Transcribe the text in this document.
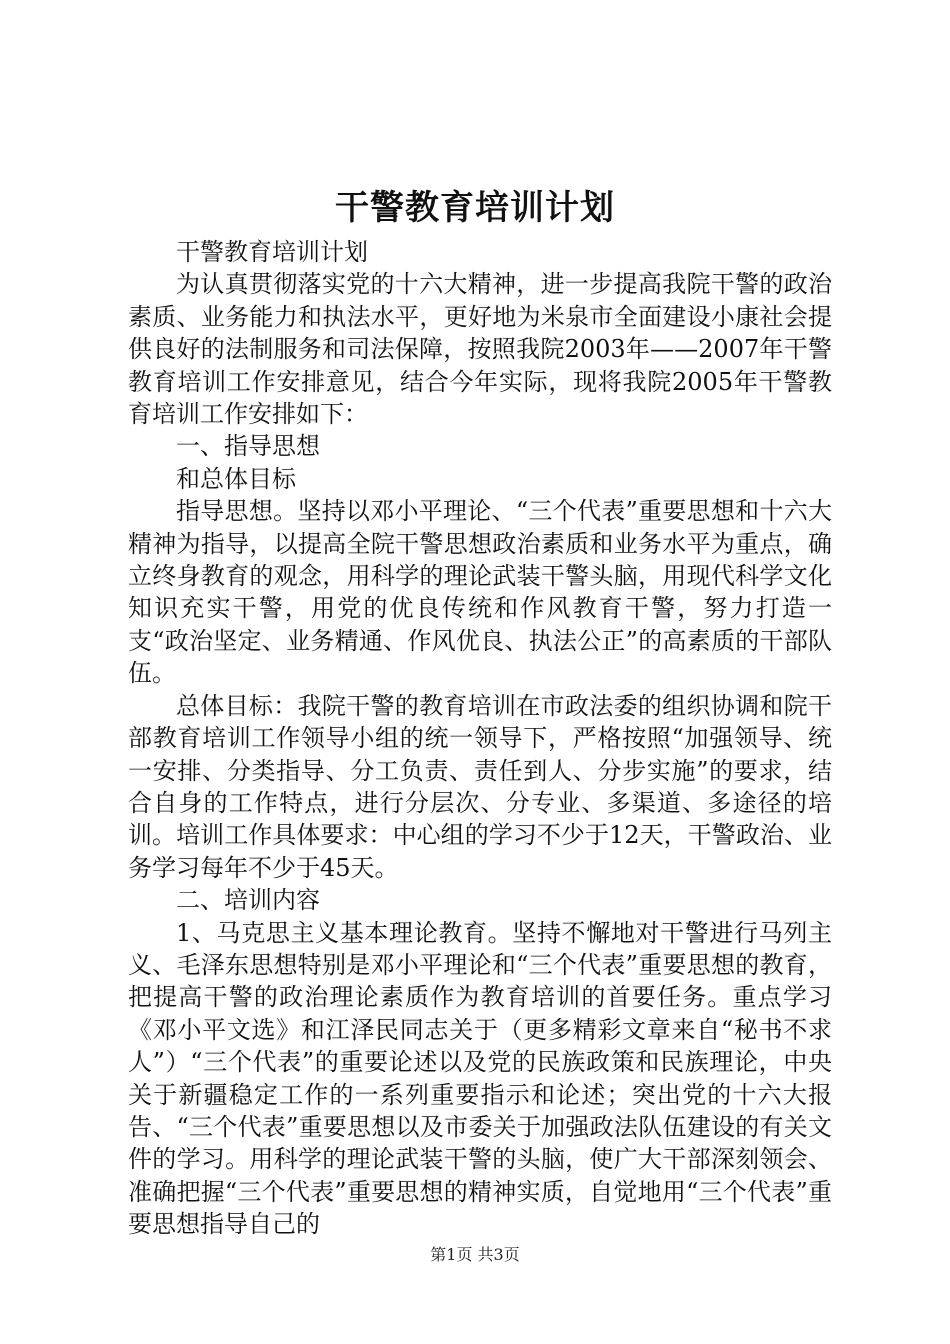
干警教育培训计划

干警教育培训计划

为认真贯彻落实党的十六大精神，进一步提高我院干警的政治素质、业务能力和执法水平，更好地为米泉市全面建设小康社会提供良好的法制服务和司法保障，按照我院2003年——2007年干警教育培训工作安排意见，结合今年实际，现将我院2005年干警教育培训工作安排如下：

一、指导思想

和总体目标

指导思想。坚持以邓小平理论、“三个代表”重要思想和十六大精神为指导，以提高全院干警思想政治素质和业务水平为重点，确立终身教育的观念，用科学的理论武装干警头脑，用现代科学文化知识充实干警，用党的优良传统和作风教育干警，努力打造一支“政治坚定、业务精通、作风优良、执法公正”的高素质的干部队伍。

总体目标：我院干警的教育培训在市政法委的组织协调和院干部教育培训工作领导小组的统一领导下，严格按照“加强领导、统一安排、分类指导、分工负责、责任到人、分步实施”的要求，结合自身的工作特点，进行分层次、分专业、多渠道、多途径的培训。培训工作具体要求：中心组的学习不少于12天，干警政治、业务学习每年不少于45天。

二、培训内容

1、马克思主义基本理论教育。坚持不懈地对干警进行马列主义、毛泽东思想特别是邓小平理论和“三个代表”重要思想的教育，把提高干警的政治理论素质作为教育培训的首要任务。重点学习《邓小平文选》和江泽民同志关于（更多精彩文章来自“秘书不求人”）“三个代表”的重要论述以及党的民族政策和民族理论，中央关于新疆稳定工作的一系列重要指示和论述；突出党的十六大报告、“三个代表”重要思想以及市委关于加强政法队伍建设的有关文件的学习。用科学的理论武装干警的头脑，使广大干部深刻领会、准确把握“三个代表”重要思想的精神实质，自觉地用“三个代表”重要思想指导自己的

第1页 共3页
